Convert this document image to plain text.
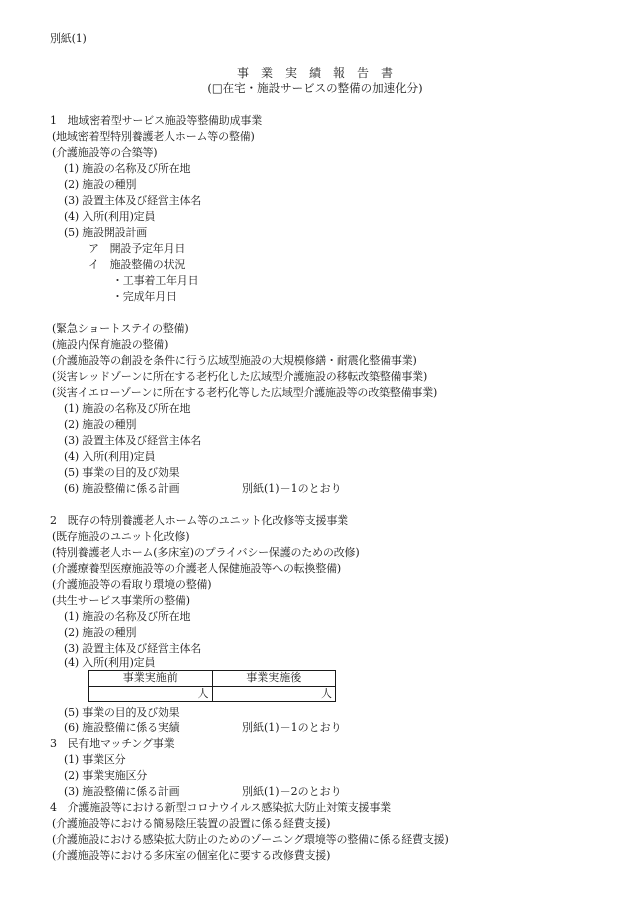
別紙(1)
事　業　実　績　報　告　書
(□在宅・施設サービスの整備の加速化分)
1　地域密着型サービス施設等整備助成事業
(地域密着型特別養護老人ホーム等の整備)
(介護施設等の合築等)
(1) 施設の名称及び所在地
(2) 施設の種別
(3) 設置主体及び経営主体名
(4) 入所(利用)定員
(5) 施設開設計画
ア　開設予定年月日
イ　施設整備の状況
・工事着工年月日
・完成年月日
(緊急ショートステイの整備)
(施設内保育施設の整備)
(介護施設等の創設を条件に行う広域型施設の大規模修繕・耐震化整備事業)
(災害レッドゾーンに所在する老朽化した広域型介護施設の移転改築整備事業)
(災害イエローゾーンに所在する老朽化等した広域型介護施設等の改築整備事業)
(1) 施設の名称及び所在地
(2) 施設の種別
(3) 設置主体及び経営主体名
(4) 入所(利用)定員
(5) 事業の目的及び効果
(6) 施設整備に係る計画	別紙(1)－1のとおり
2　既存の特別養護老人ホーム等のユニット化改修等支援事業
(既存施設のユニット化改修)
(特別養護老人ホーム(多床室)のプライバシー保護のための改修)
(介護療養型医療施設等の介護老人保健施設等への転換整備)
(介護施設等の看取り環境の整備)
(共生サービス事業所の整備)
(1) 施設の名称及び所在地
(2) 施設の種別
(3) 設置主体及び経営主体名
(4) 入所(利用)定員
事業実施前	事業実施後
人	人
(5) 事業の目的及び効果
(6) 施設整備に係る実績	別紙(1)－1のとおり
3　民有地マッチング事業
(1) 事業区分
(2) 事業実施区分
(3) 施設整備に係る計画	別紙(1)－2のとおり
4　介護施設等における新型コロナウイルス感染拡大防止対策支援事業
(介護施設等における簡易陰圧装置の設置に係る経費支援)
(介護施設における感染拡大防止のためのゾーニング環境等の整備に係る経費支援)
(介護施設等における多床室の個室化に要する改修費支援)
